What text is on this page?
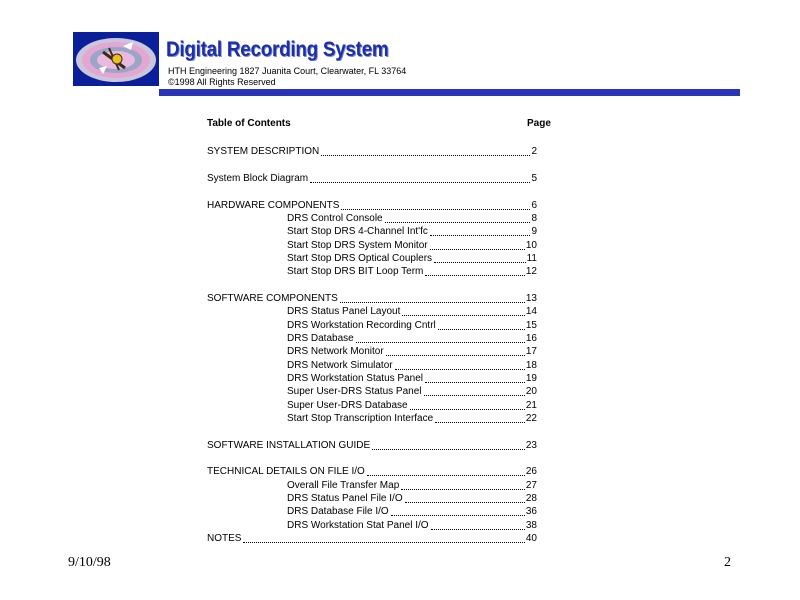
Digital Recording System
HTH Engineering 1827 Juanita Court, Clearwater, FL 33764
©1998 All Rights Reserved
Table of Contents	Page
SYSTEM DESCRIPTION	2
System Block Diagram	5
HARDWARE COMPONENTS	6
DRS Control Console	8
Start Stop DRS 4-Channel Int'fc	9
Start Stop DRS System Monitor	10
Start Stop DRS Optical Couplers	11
Start Stop DRS BIT Loop Term	12
SOFTWARE COMPONENTS	13
DRS Status Panel Layout	14
DRS Workstation Recording Cntrl	15
DRS Database	16
DRS Network Monitor	17
DRS Network Simulator	18
DRS Workstation Status Panel	19
Super User-DRS Status Panel	20
Super User-DRS Database	21
Start Stop Transcription Interface	22
SOFTWARE INSTALLATION GUIDE	23
TECHNICAL DETAILS ON FILE I/O	26
Overall File Transfer Map	27
DRS Status Panel File I/O	28
DRS Database File I/O	36
DRS Workstation Stat Panel I/O	38
NOTES	40
9/10/98	2
